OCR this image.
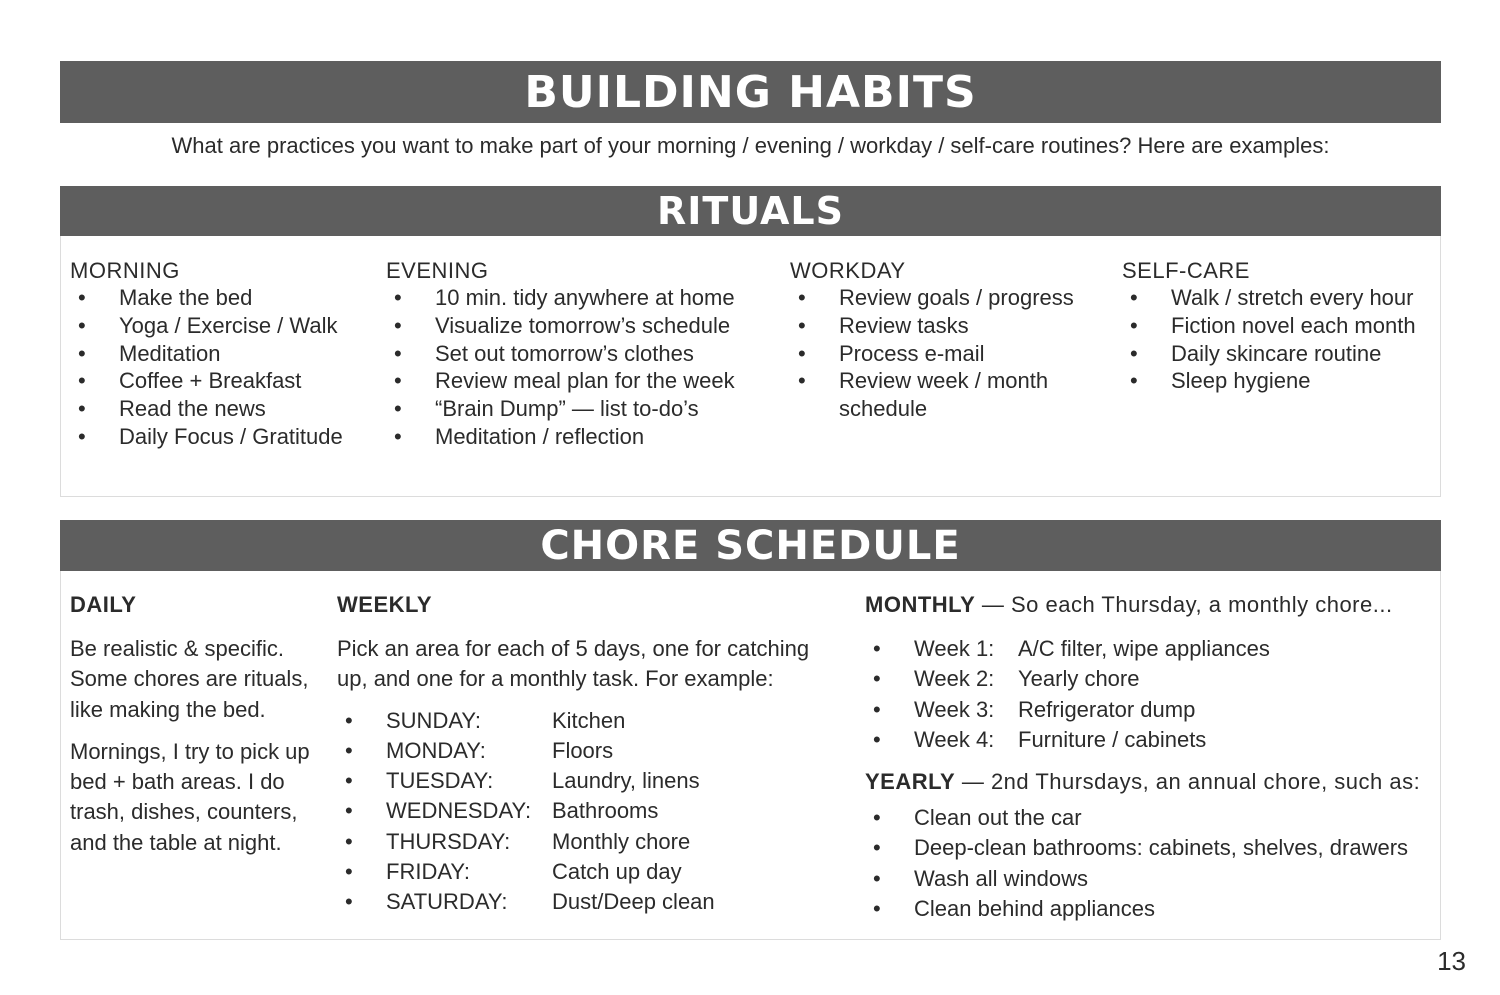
BUILDING HABITS
What are practices you want to make part of your morning / evening / workday / self-care routines? Here are examples:
RITUALS
MORNING
• Make the bed
• Yoga / Exercise / Walk
• Meditation
• Coffee + Breakfast
• Read the news
• Daily Focus / Gratitude
EVENING
• 10 min. tidy anywhere at home
• Visualize tomorrow’s schedule
• Set out tomorrow’s clothes
• Review meal plan for the week
• “Brain Dump” — list to-do’s
• Meditation / reflection
WORKDAY
• Review goals / progress
• Review tasks
• Process e-mail
• Review week / month schedule
SELF-CARE
• Walk / stretch every hour
• Fiction novel each month
• Daily skincare routine
• Sleep hygiene
CHORE SCHEDULE
DAILY

Be realistic & specific. Some chores are rituals, like making the bed.

Mornings, I try to pick up bed + bath areas. I do trash, dishes, counters, and the table at night.

WEEKLY

Pick an area for each of 5 days, one for catching up, and one for a monthly task. For example:

• SUNDAY:	Kitchen
• MONDAY:	Floors
• TUESDAY:	Laundry, linens
• WEDNESDAY: Bathrooms
• THURSDAY: Monthly chore
• FRIDAY:	Catch up day
• SATURDAY: Dust/Deep clean
MONTHLY — So each Thursday, a monthly chore...
• Week 1: A/C filter, wipe appliances
• Week 2: Yearly chore
• Week 3: Refrigerator dump
• Week 4: Furniture / cabinets
YEARLY — 2nd Thursdays, an annual chore, such as:
• Clean out the car
• Deep-clean bathrooms: cabinets, shelves, drawers
• Wash all windows
• Clean behind appliances
13
